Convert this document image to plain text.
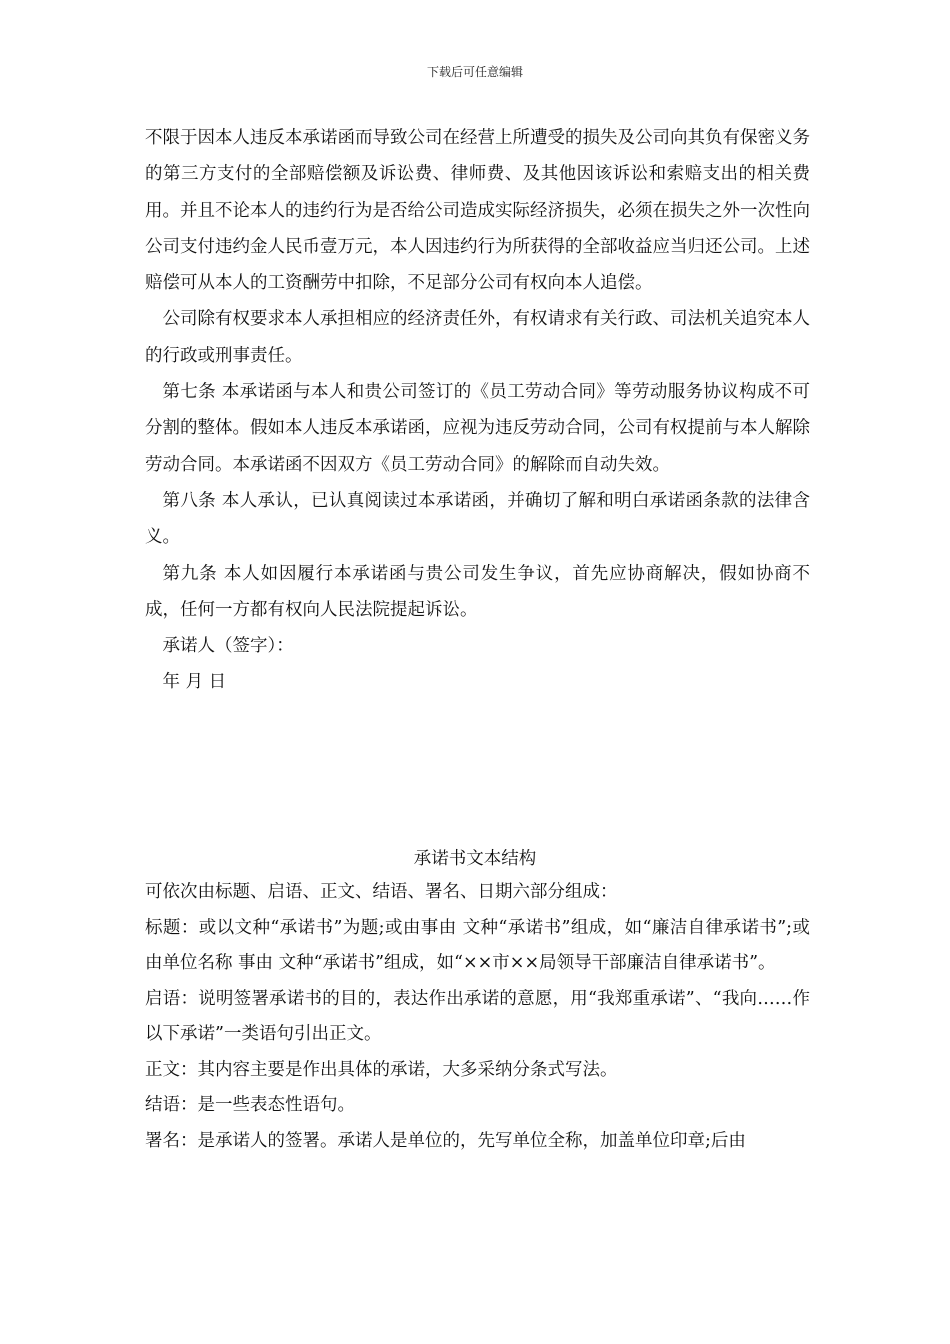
下载后可任意编辑

不限于因本人违反本承诺函而导致公司在经营上所遭受的损失及公司向其负有保密义务的第三方支付的全部赔偿额及诉讼费、律师费、及其他因该诉讼和索赔支出的相关费用。并且不论本人的违约行为是否给公司造成实际经济损失，必须在损失之外一次性向公司支付违约金人民币壹万元，本人因违约行为所获得的全部收益应当归还公司。上述赔偿可从本人的工资酬劳中扣除，不足部分公司有权向本人追偿。

公司除有权要求本人承担相应的经济责任外，有权请求有关行政、司法机关追究本人的行政或刑事责任。

第七条 本承诺函与本人和贵公司签订的《员工劳动合同》等劳动服务协议构成不可分割的整体。假如本人违反本承诺函，应视为违反劳动合同，公司有权提前与本人解除劳动合同。本承诺函不因双方《员工劳动合同》的解除而自动失效。

第八条 本人承认，已认真阅读过本承诺函，并确切了解和明白承诺函条款的法律含义。

第九条 本人如因履行本承诺函与贵公司发生争议，首先应协商解决，假如协商不成，任何一方都有权向人民法院提起诉讼。

承诺人（签字）：

年 月 日

承诺书文本结构

可依次由标题、启语、正文、结语、署名、日期六部分组成：

标题：或以文种“承诺书”为题;或由事由 文种“承诺书”组成，如“廉洁自律承诺书”;或由单位名称 事由 文种“承诺书”组成，如“××市××局领导干部廉洁自律承诺书”。

启语：说明签署承诺书的目的，表达作出承诺的意愿，用“我郑重承诺”、“我向……作以下承诺”一类语句引出正文。

正文：其内容主要是作出具体的承诺，大多采纳分条式写法。

结语：是一些表态性语句。

署名：是承诺人的签署。承诺人是单位的，先写单位全称，加盖单位印章;后由
